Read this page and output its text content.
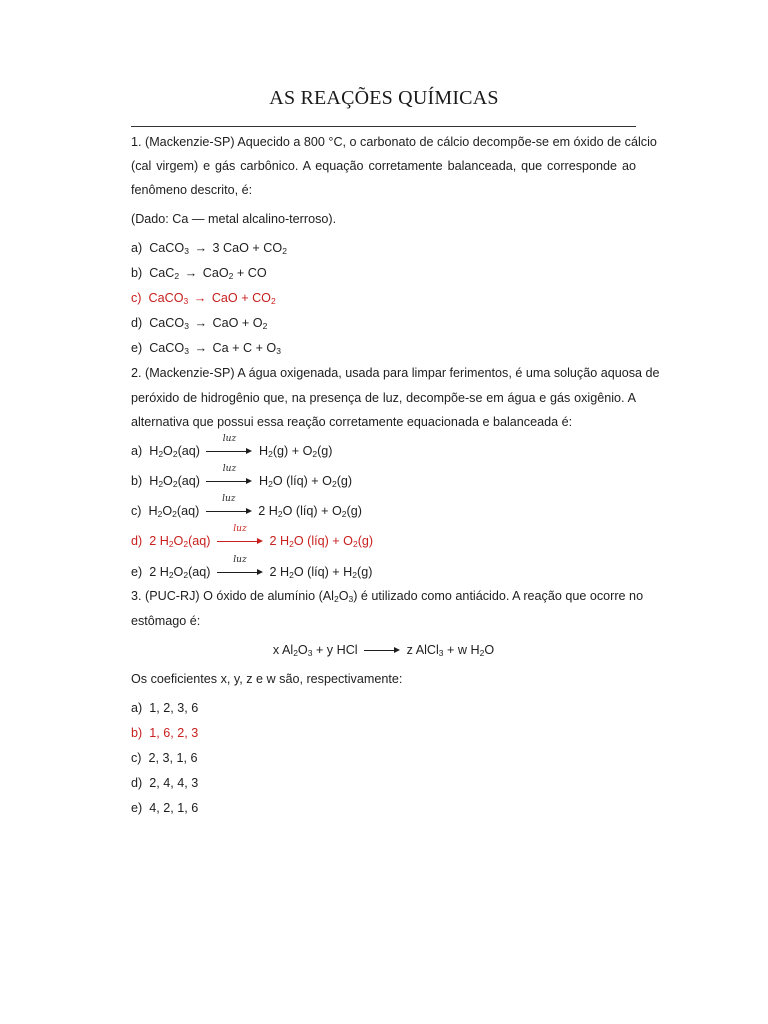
AS REAÇÕES QUÍMICAS
1. (Mackenzie-SP) Aquecido a 800 °C, o carbonato de cálcio decompõe-se em óxido de cálcio
(cal virgem) e gás carbônico. A equação corretamente balanceada, que corresponde ao
fenômeno descrito, é:
(Dado: Ca — metal alcalino-terroso).
a) CaCO$_3$ → 3 CaO + $CO_2$
b) CaC$_2$ → CaO$_2$ + CO
c) CaCO$_3$ → CaO + $CO_2$
d) CaCO$_3$ → CaO + $O_2$
e) CaCO$_3$ → $Ca + C + O_3$
2. (Mackenzie-SP) A água oxigenada, usada para limpar ferimentos, é uma solução aquosa de
peróxido de hidrogênio que, na presença de luz, decompõe-se em água e gás oxigênio. A
alternativa que possui essa reação corretamente equacionada e balanceada é:
a) $H_2O_2(aq)$
luz
$H_2(g) + O_2(g)$
b) $H_2O_2(aq)$
luz
$H_2O$ (líq) + $O_2(g)$
c) $H_2O_2(aq)$
luz
2 $H_2O$ (líq) + $O_2(g)$
d) 2 $H_2O_2(aq)$
luz
2 $H_2O$ (líq) + $O_2(g)$
e) 2 $H_2O_2(aq)$
luz
2 $H_2O$ (líq) + $H_2(g)$
3. (PUC-RJ) O óxido de alumínio $(Al_2O_3)$ é utilizado como antiácido. A reação que ocorre no
estômago é:
x $Al_2O_3 + y$ HCl	z AlCl$_3$ + w $H_2O$
Os coeficientes x, y, z e w são, respectivamente:
a) 1, 2, 3, 6
b) 1, 6, 2, 3
c) 2, 3, 1, 6
d) 2, 4, 4, 3
e) 4, 2, 1, 6
